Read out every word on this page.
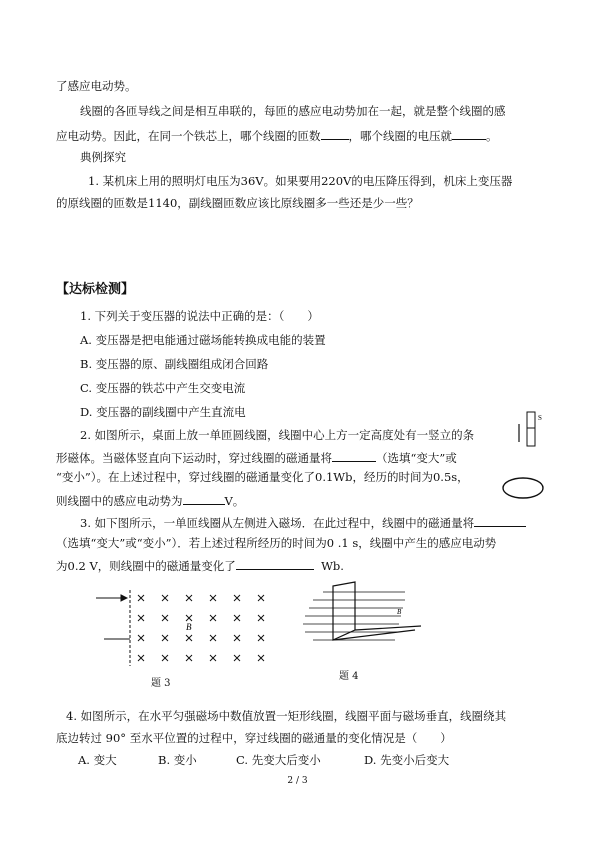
了感应电动势。
线圈的各匝导线之间是相互串联的，每匝的感应电动势加在一起，就是整个线圈的感
应电动势。因此，在同一个铁芯上，哪个线圈的匝数 ，哪个线圈的电压就	。
典例探究
1. 某机床上用的照明灯电压为36V。如果要用220V的电压降压得到，机床上变压器
的原线圈的匝数是1140，副线圈匝数应该比原线圈多一些还是少一些？
【达标检测】
1. 下列关于变压器的说法中正确的是：（　　）
A. 变压器是把电能通过磁场能转换成电能的装置
B. 变压器的原、副线圈组成闭合回路
C. 变压器的铁芯中产生交变电流
D. 变压器的副线圈中产生直流电
2. 如图所示，桌面上放一单匝圆线圈，线圈中心上方一定高度处有一竖立的条
形磁体。当磁体竖直向下运动时，穿过线圈的磁通量将	（选填“变大”或
“变小”）。在上述过程中，穿过线圈的磁通量变化了0.1Wb，经历的时间为0.5s，
则线圈中的感应电动势为	V。
S
3. 如下图所示，一单匝线圈从左侧进入磁场．在此过程中，线圈中的磁通量将
（选填“变大”或“变小”）．若上述过程所经历的时间为0 .1 s，线圈中产生的感应电动势
为0.2 V，则线圈中的磁通量变化了	Wb.
B
题 3
B
题 4
4. 如图所示，在水平匀强磁场中数值放置一矩形线圈，线圈平面与磁场垂直，线圈绕其
底边转过 90° 至水平位置的过程中，穿过线圈的磁通量的变化情况是（　　）
A. 变大	B. 变小	C. 先变大后变小	D. 先变小后变大
2 / 3
